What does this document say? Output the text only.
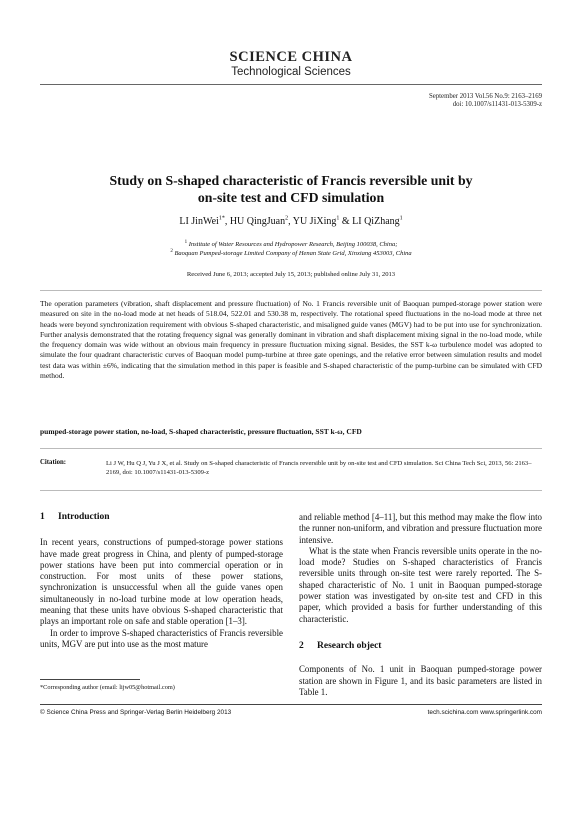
SCIENCE CHINA
Technological Sciences
September 2013 Vol.56 No.9: 2163–2169
doi: 10.1007/s11431-013-5309-z
Study on S-shaped characteristic of Francis reversible unit by
on-site test and CFD simulation
LI JinWei$^{1*}$, HU QingJuan$^2$, YU JiXing$^1$ & LI QiZhang$^1$
$^1$ Institute of Water Resources and Hydropower Research, Beijing 100038, China;
$^2$ Baoquan Pumped-storage Limited Company of Henan State Grid, Xinxiang 453003, China
Received June 6, 2013; accepted July 15, 2013; published online July 31, 2013
The operation parameters (vibration, shaft displacement and pressure fluctuation) of No. 1 Francis reversible unit of Baoquan pumped-storage power station were measured on site in the no-load mode at net heads of 518.04, 522.01 and 530.38 m, respectively. The rotational speed fluctuations in the no-load mode at three net heads were beyond synchronization requirement with obvious S-shaped characteristic, and misaligned guide vanes (MGV) had to be put into use for synchronization. Further analysis demonstrated that the rotating frequency signal was generally dominant in vibration and shaft displacement mixing signal in the no-load mode, while the frequency domain was wide without an obvious main frequency in pressure fluctuation mixing signal. Besides, the SST k-ω turbulence model was adopted to simulate the four quadrant characteristic curves of Baoquan model pump-turbine at three gate openings, and the relative error between simulation results and model test data was within ±6%, indicating that the simulation method in this paper is feasible and S-shaped characteristic of the pump-turbine can be simulated with CFD method.
pumped-storage power station, no-load, S-shaped characteristic, pressure fluctuation, SST k-ω, CFD
Citation:	Li J W, Hu Q J, Yu J X, et al. Study on S-shaped characteristic of Francis reversible unit by on-site test and CFD simulation. Sci China Tech Sci, 2013, 56: 2163–2169, doi: 10.1007/s11431-013-5309-z
1 Introduction

In recent years, constructions of pumped-storage power stations have made great progress in China, and plenty of pumped-storage power stations have been put into commercial operation or in construction. For most units of these power stations, synchronization is unsuccessful when all the guide vanes open simultaneously in no-load turbine mode at low operation heads, meaning that these units have obvious S-shaped characteristic that plays an important role on safe and stable operation [1–3].

In order to improve S-shaped characteristics of Francis reversible units, MGV are put into use as the most mature

and reliable method [4–11], but this method may make the flow into the runner non-uniform, and vibration and pressure fluctuation more intensive.

What is the state when Francis reversible units operate in the no-load mode? Studies on S-shaped characteristics of Francis reversible units through on-site test were rarely reported. The S-shaped characteristic of No. 1 unit in Baoquan pumped-storage power station was investigated by on-site test and CFD in this paper, which provided a basis for further understanding of this characteristic.

2 Research object

Components of No. 1 unit in Baoquan pumped-storage power station are shown in Figure 1, and its basic parameters are listed in Table 1.

*Corresponding author (email: lijw05@hotmail.com)
© Science China Press and Springer-Verlag Berlin Heidelberg 2013	tech.scichina.com www.springerlink.com
